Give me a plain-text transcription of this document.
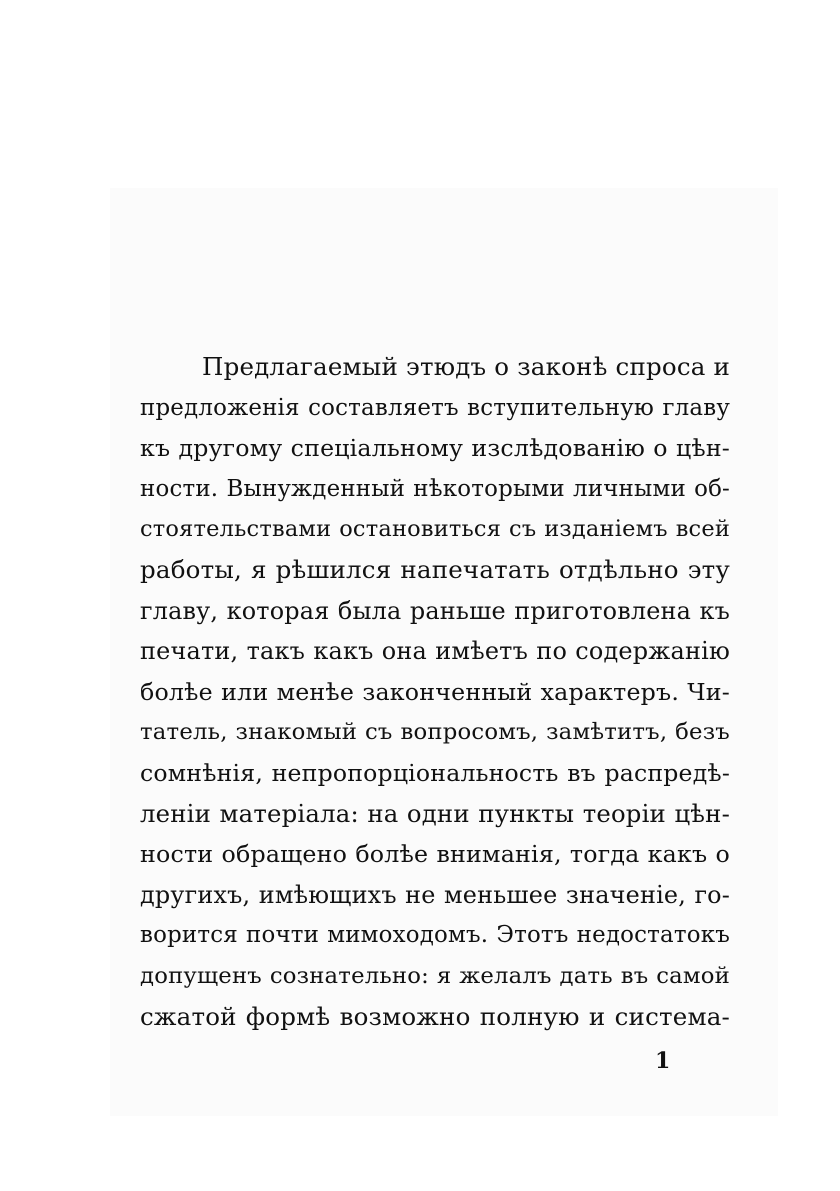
Предлагаемый этюдъ о законѣ спроса и
предложенія составляетъ вступительную главу
къ другому спеціальному изслѣдованію о цѣн-
ности. Вынужденный нѣкоторыми личными об-
стоятельствами остановиться съ изданіемъ всей
работы, я рѣшился напечатать отдѣльно эту
главу, которая была раньше приготовлена къ
печати, такъ какъ она имѣетъ по содержанію
болѣе или менѣе законченный характеръ. Чи-
татель, знакомый съ вопросомъ, замѣтитъ, безъ
сомнѣнія, непропорціональность въ распредѣ-
леніи матеріала: на одни пункты теоріи цѣн-
ности обращено болѣе вниманія, тогда какъ о
другихъ, имѣющихъ не меньшее значеніе, го-
ворится почти мимоходомъ. Этотъ недостатокъ
допущенъ сознательно: я желалъ дать въ самой
сжатой формѣ возможно полную и система-
1
